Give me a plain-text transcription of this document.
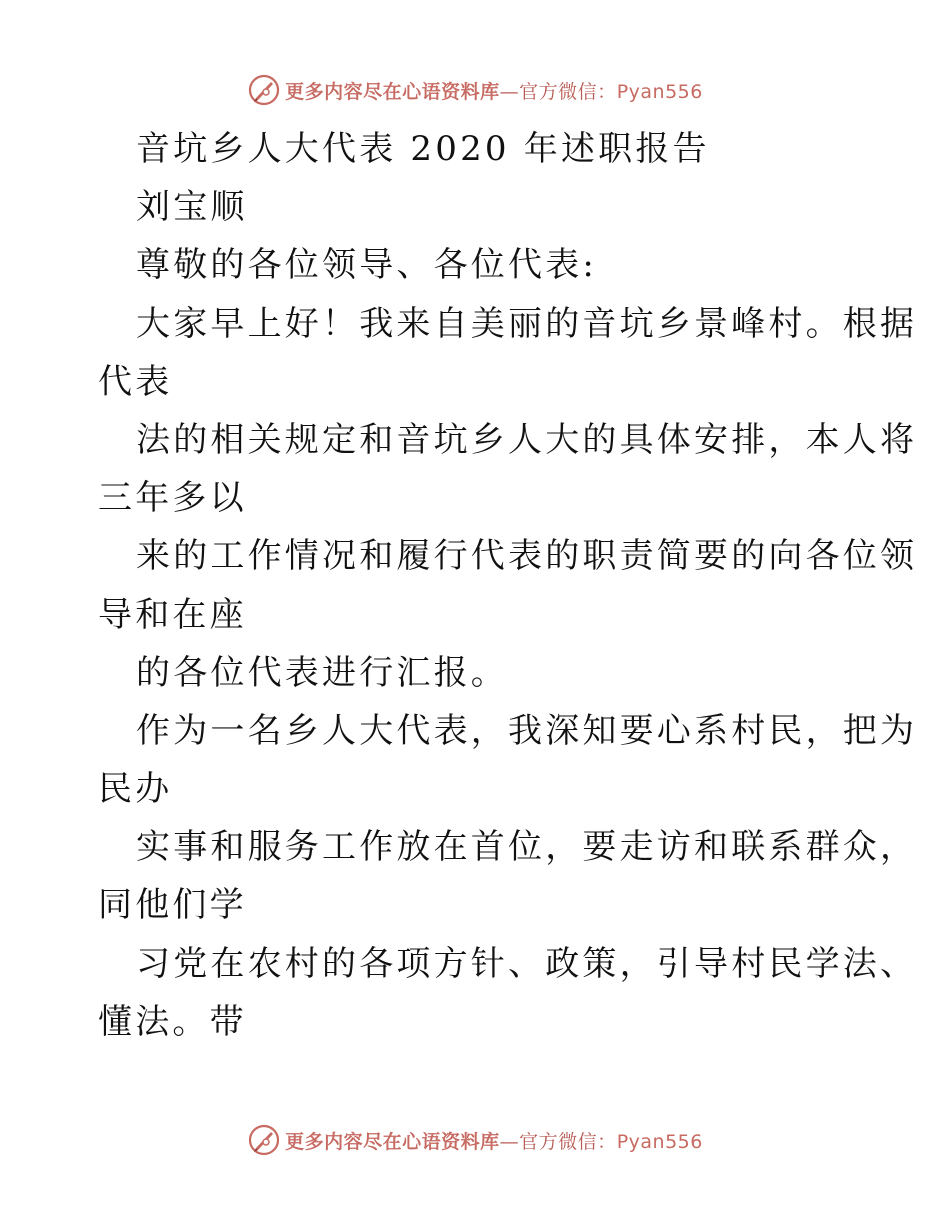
更多内容尽在心语资料库—官方微信：Pyan556
音坑乡人大代表 2020 年述职报告
刘宝顺
尊敬的各位领导、各位代表:
大家早上好！我来自美丽的音坑乡景峰村。根据
代表
法的相关规定和音坑乡人大的具体安排，本人将
三年多以
来的工作情况和履行代表的职责简要的向各位领
导和在座
的各位代表进行汇报。
作为一名乡人大代表，我深知要心系村民，把为
民办
实事和服务工作放在首位，要走访和联系群众，
同他们学
习党在农村的各项方针、政策，引导村民学法、
懂法。带
更多内容尽在心语资料库—官方微信：Pyan556
